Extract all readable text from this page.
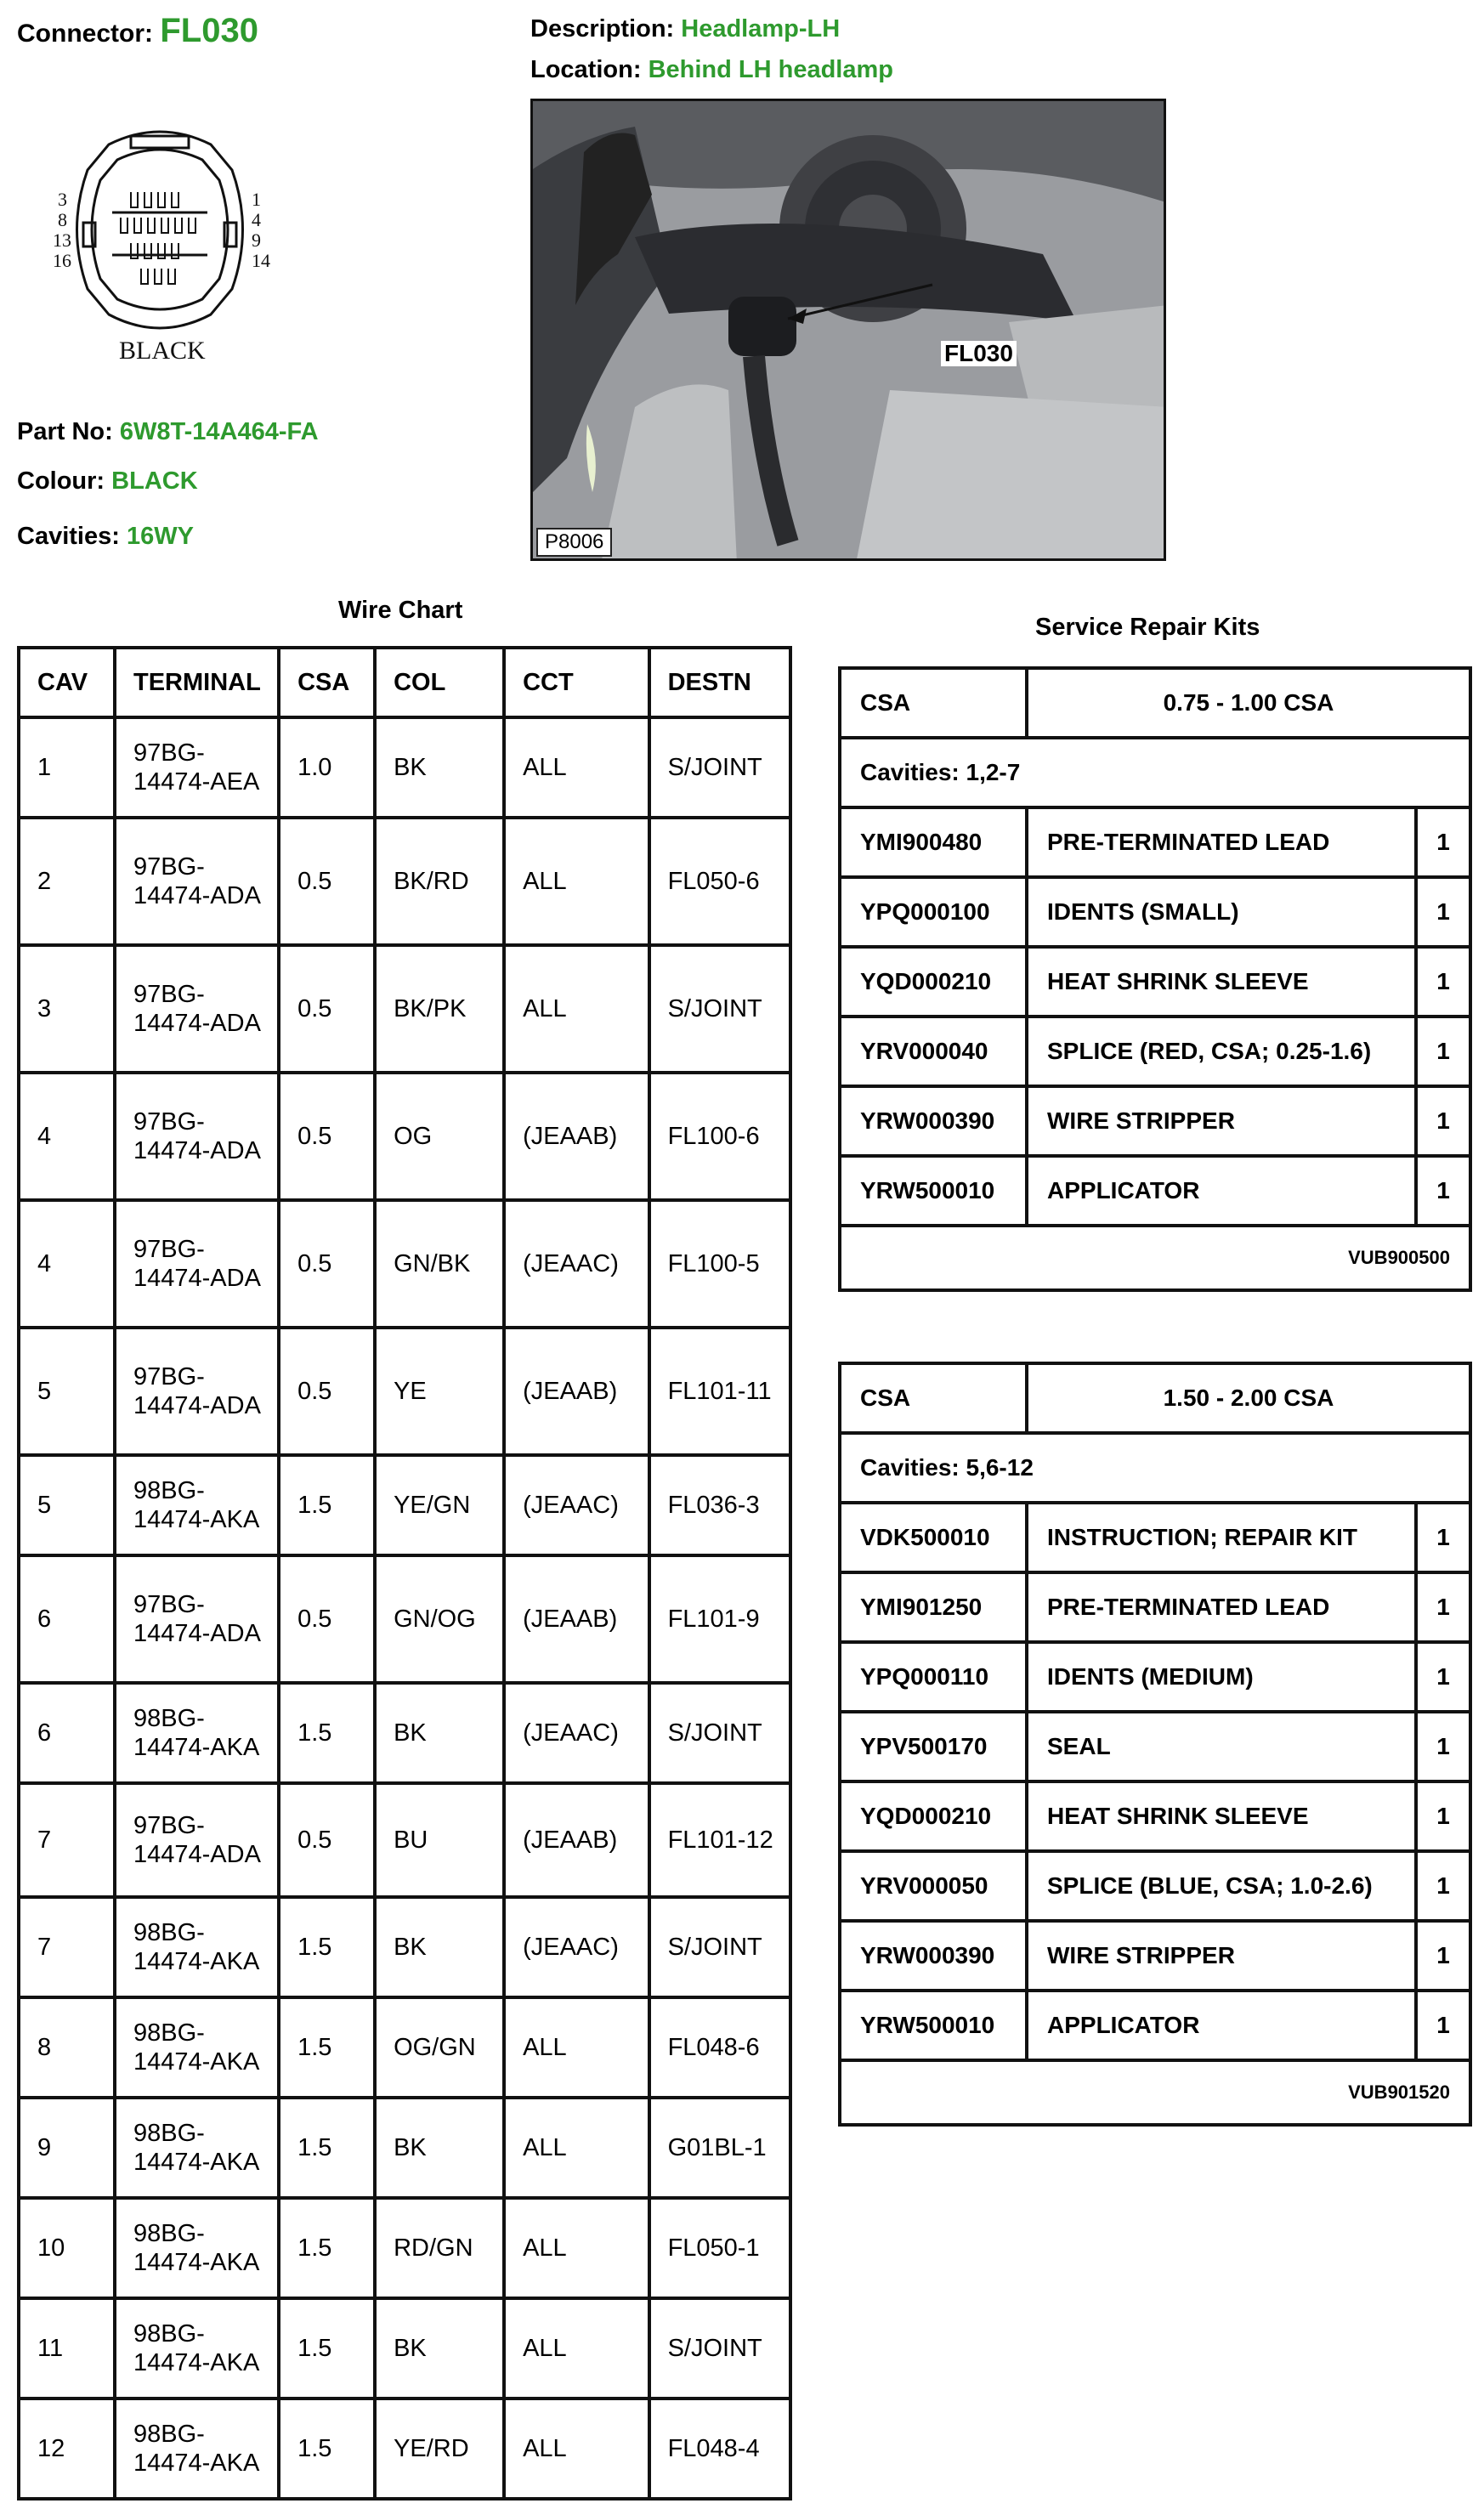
Connector: FL030	Description: Headlamp-LH
Location: Behind LH headlamp
3
8
13
16
1
4
9
14
BLACK
Part No: 6W8T-14A464-FA
Colour: BLACK
Cavities: 16WY
FL030
P8006
Wire Chart
Service Repair Kits
CAV	TERMINAL	CSA	COL	CCT	DESTN
1	97BG-14474-AEA	1.0	BK	ALL	S/JOINT
2	97BG-14474-ADA	0.5	BK/RD	ALL	FL050-6
3	97BG-14474-ADA	0.5	BK/PK	ALL	S/JOINT
4	97BG-14474-ADA	0.5	OG	(JEAAB)	FL100-6
4	97BG-14474-ADA	0.5	GN/BK	(JEAAC)	FL100-5
5	97BG-14474-ADA	0.5	YE	(JEAAB)	FL101-11
5	98BG-14474-AKA	1.5	YE/GN	(JEAAC)	FL036-3
6	97BG-14474-ADA	0.5	GN/OG	(JEAAB)	FL101-9
6	98BG-14474-AKA	1.5	BK	(JEAAC)	S/JOINT
7	97BG-14474-ADA	0.5	BU	(JEAAB)	FL101-12
7	98BG-14474-AKA	1.5	BK	(JEAAC)	S/JOINT
8	98BG-14474-AKA	1.5	OG/GN	ALL	FL048-6
9	98BG-14474-AKA	1.5	BK	ALL	G01BL-1
10	98BG-14474-AKA	1.5	RD/GN	ALL	FL050-1
11	98BG-14474-AKA	1.5	BK	ALL	S/JOINT
12	98BG-14474-AKA	1.5	YE/RD	ALL	FL048-4
CSA	0.75 - 1.00 CSA	
Cavities: 1,2-7		
YMI900480	PRE-TERMINATED LEAD	1
YPQ000100	IDENTS (SMALL)	1
YQD000210	HEAT SHRINK SLEEVE	1
YRV000040	SPLICE (RED, CSA; 0.25-1.6)	1
YRW000390	WIRE STRIPPER	1
YRW500010	APPLICATOR	1
VUB900500		
CSA	1.50 - 2.00 CSA	
Cavities: 5,6-12		
VDK500010	INSTRUCTION; REPAIR KIT	1
YMI901250	PRE-TERMINATED LEAD	1
YPQ000110	IDENTS (MEDIUM)	1
YPV500170	SEAL	1
YQD000210	HEAT SHRINK SLEEVE	1
YRV000050	SPLICE (BLUE, CSA; 1.0-2.6)	1
YRW000390	WIRE STRIPPER	1
YRW500010	APPLICATOR	1
VUB901520		
